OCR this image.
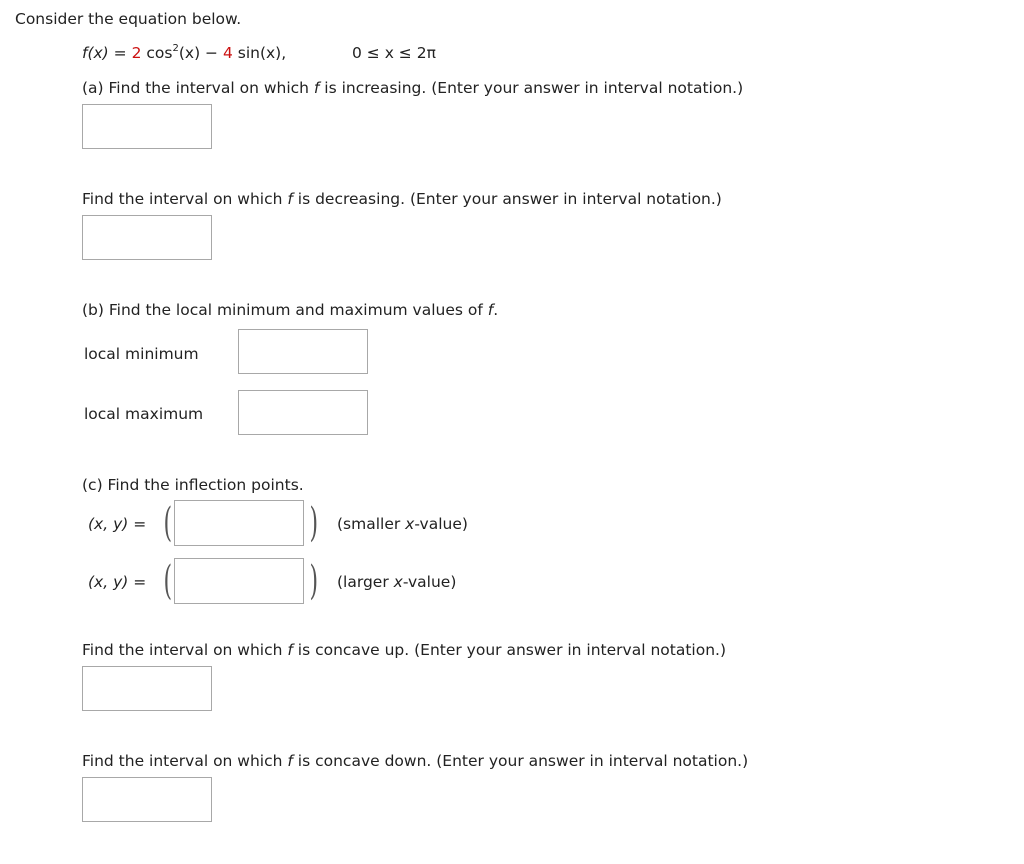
Consider the equation below.
f(x) = 2 $\cos^2(x) - 4$ sin(x),	0 ≤ x ≤ 2π
(a) Find the interval on which f is increasing. (Enter your answer in interval notation.)
Find the interval on which f is decreasing. (Enter your answer in interval notation.)
(b) Find the local minimum and maximum values of f.
local minimum
local maximum
(c) Find the inflection points.
(x, y) = (	) (smaller x-value)
(x, y) = (	) (larger x-value)
Find the interval on which f is concave up. (Enter your answer in interval notation.)
Find the interval on which f is concave down. (Enter your answer in interval notation.)
